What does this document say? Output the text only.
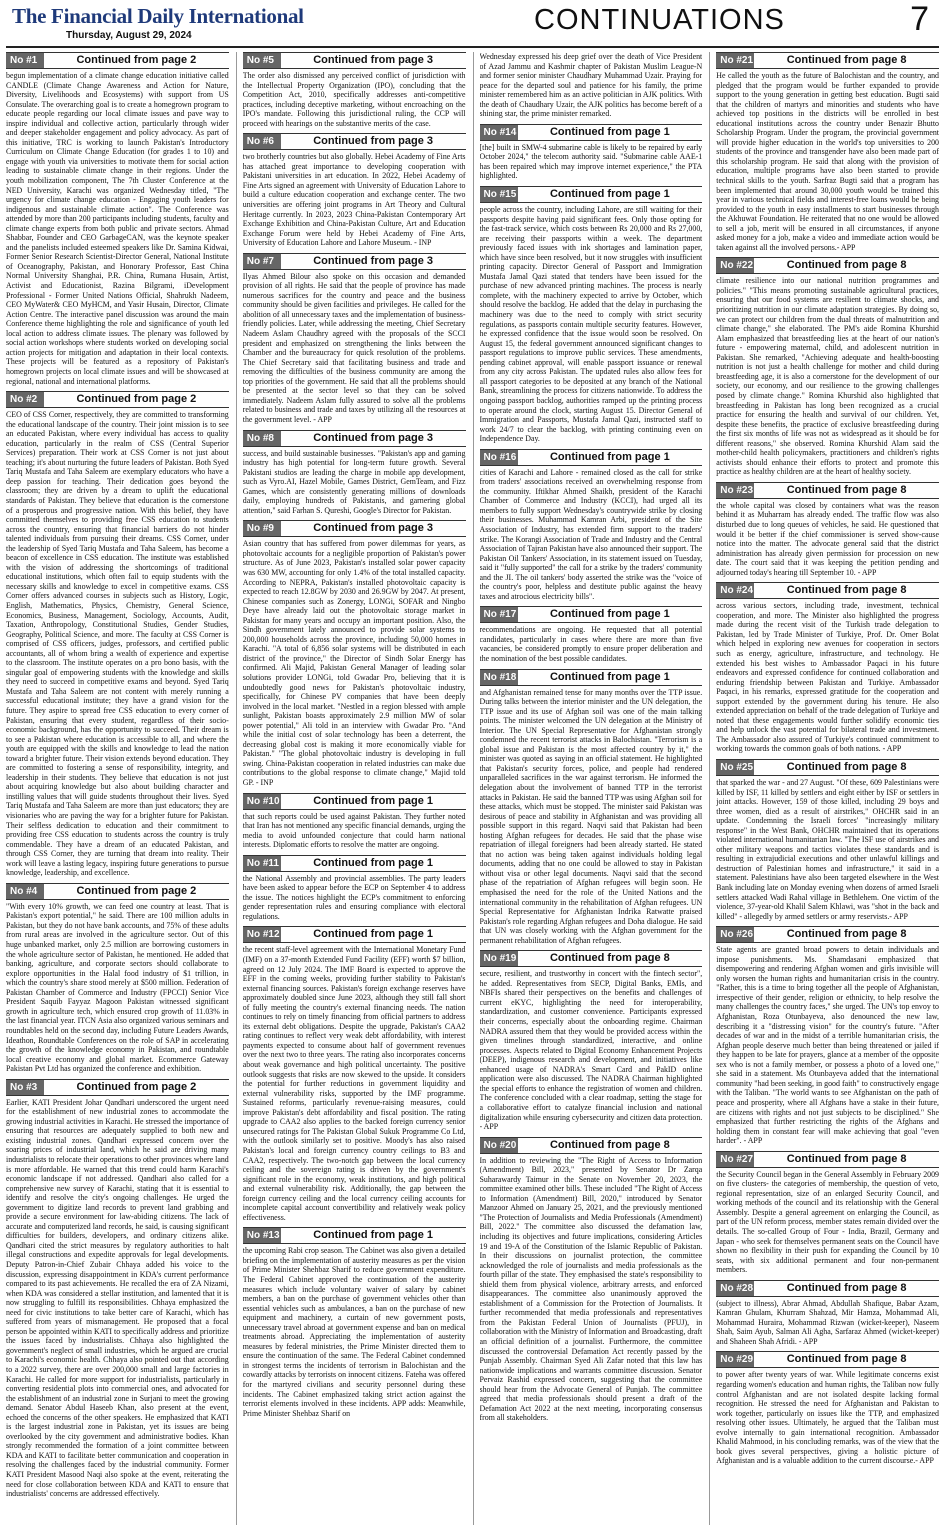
The Financial Daily International
Thursday, August 29, 2024	CONTINUATIONS	7
No #1	Continued from page 2

begun implementation of a climate change education initiative called CANDLE (Climate Change Awareness and Action for Nature, Diversity, Livelihoods and Ecosystems) with support from US Consulate. The overarching goal is to create a homegrown program to educate people regarding our local climate issues and pave way to inspire individual and collective action, particularly through wider and deeper stakeholder engagement and policy advocacy. As part of this initiative, TRC is working to launch Pakistan's Introductory Curriculum on Climate Change Education (for grades 1 to 10) and engage with youth via universities to motivate them for social action leading to sustainable climate change in their regions. Under the youth mobilization component, The 7th Cluster Conference at the NED University, Karachi was organized Wednesday titled, "The urgency for climate change education - Engaging youth leaders for indigenous and sustainable climate action". The Conference was attended by more than 200 participants including students, faculty and climate change experts from both public and private sectors. Ahmad Shabbar, Founder and CEO GarbageCAN, was the keynote speaker and the panelists included esteemed speakers like Dr. Samina Kidwai, Former Senior Research Scientist-Director General, National Institute of Oceanography, Pakistan, and Honorary Professor, East China Normal University Shanghai, P.R. China, Rumana Husain, Artist, Activist and Educationist, Razina Bilgrami, iDevelopment Professional - Former United Nations Official, Shahrukh Nadeem, CEO MyWater& CEO MyHCM, and Yasir Husain, Director, Climate Action Centre. The interactive panel discussion was around the main Conference theme highlighting the role and significance of youth led local action to address climate issues. The plenary was followed by social action workshops where students worked on developing social action projects for mitigation and adaptation in their local contexts. These projects will be featured as a repository of Pakistan's homegrown projects on local climate issues and will be showcased at regional, national and international platforms.

No #2	Continued from page 2

CEO of CSS Corner, respectively, they are committed to transforming the educational landscape of the country. Their joint mission is to see an educated Pakistan, where every individual has access to quality education, particularly in the realm of CSS (Central Superior Services) preparation. Their work at CSS Corner is not just about teaching; it's about nurturing the future leaders of Pakistan. Both Syed Tariq Mustafa and Taha Saleem are exemplary educators who have a deep passion for teaching. Their dedication goes beyond the classroom; they are driven by a dream to uplift the educational standards of Pakistan. They believe that education is the cornerstone of a prosperous and progressive nation. With this belief, they have committed themselves to providing free CSS education to students across the country, ensuring that financial barriers do not hinder talented individuals from pursuing their dreams. CSS Corner, under the leadership of Syed Tariq Mustafa and Taha Saleem, has become a beacon of excellence in CSS education. The institute was established with the vision of addressing the shortcomings of traditional educational institutions, which often fail to equip students with the necessary skills and knowledge to excel in competitive exams. CSS Corner offers advanced courses in subjects such as History, Logic, English, Mathematics, Physics, Chemistry, General Science, Economics, Business, Management, Sociology, Accounts, Audit, Taxation, Anthropology, Constitutional Studies, Gender Studies, Geography, Political Science, and more. The faculty at CSS Corner is comprised of CSS officers, judges, professors, and certified public accountants, all of whom bring a wealth of experience and expertise to the classroom. The institute operates on a pro bono basis, with the singular goal of empowering students with the knowledge and skills they need to succeed in competitive exams and beyond. Syed Tariq Mustafa and Taha Saleem are not content with merely running a successful educational institute; they have a grand vision for the future. They aspire to spread free CSS education to every corner of Pakistan, ensuring that every student, regardless of their socio-economic background, has the opportunity to succeed. Their dream is to see a Pakistan where education is accessible to all, and where the youth are equipped with the skills and knowledge to lead the nation toward a brighter future. Their vision extends beyond education. They are committed to fostering a sense of responsibility, integrity, and leadership in their students. They believe that education is not just about acquiring knowledge but also about building character and instilling values that will guide students throughout their lives. Syed Tariq Mustafa and Taha Saleem are more than just educators; they are visionaries who are paving the way for a brighter future for Pakistan. Their selfless dedication to education and their commitment to providing free CSS education to students across the country is truly commendable. They have a dream of an educated Pakistan, and through CSS Corner, they are turning that dream into reality. Their work will leave a lasting legacy, inspiring future generations to pursue knowledge, leadership, and excellence.

No #4	Continued from page 2

"With every 10% growth, we can feed one country at least. That is Pakistan's export potential," he said. There are 100 million adults in Pakistan, but they do not have bank accounts, and 75% of these adults from rural areas are involved in the agriculture sector. Out of this huge unbanked market, only 2.5 million are borrowing customers in the whole agriculture sector of Pakistan, he mentioned. He added that banking, agriculture, and corporate sectors should collaborate to explore opportunities in the Halal food industry of $1 trillion, in which the country's share stood merely at $500 million. Federation of Pakistan Chamber of Commerce and Industry (FPCCI) Senior Vice President Saquib Fayyaz Magoon Pakistan witnessed significant growth in agriculture tech, which ensured crop growth of 11.03% in the last financial year. ITCN Asia also organized various seminars and roundtables held on the second day, including Future Leaders Awards, Ideathon, Roundtable Conferences on the role of SAP in accelerating the growth of the knowledge economy in Pakistan, and roundtable local creative economy and global market. Ecommerce Gateway Pakistan Pvt Ltd has organized the conference and exhibition.

No #3	Continued from page 2

Earlier, KATI President Johar Qandhari underscored the urgent need for the establishment of new industrial zones to accommodate the growing industrial activities in Karachi. He stressed the importance of ensuring that resources are adequately supplied to both new and existing industrial zones. Qandhari expressed concern over the soaring prices of industrial land, which he said are driving many industrialists to relocate their operations to other provinces where land is more affordable. He warned that this trend could harm Karachi's economic landscape if not addressed. Qandhari also called for a comprehensive new survey of Karachi, stating that it is essential to identify and resolve the city's ongoing challenges. He urged the government to digitize land records to prevent land grabbing and provide a secure environment for law-abiding citizens. The lack of accurate and computerized land records, he said, is causing significant difficulties for builders, developers, and ordinary citizens alike. Qandhari cited the strict measures by regulatory authorities to halt illegal constructions and expedite approvals for legal developments. Deputy Patron-in-Chief Zubair Chhaya added his voice to the discussion, expressing disappointment in KDA's current performance compared to its past achievements. He recalled the era of ZA Nizami, when KDA was considered a stellar institution, and lamented that it is now struggling to fulfill its responsibilities. Chhaya emphasized the need for civic institutions to take better care of Karachi, which has suffered from years of mismanagement. He proposed that a focal person be appointed within KATI to specifically address and prioritize the issues faced by industrialists. Chhaya also highlighted the government's neglect of small industries, which he argued are crucial to Karachi's economic health. Chhaya also pointed out that according to a 2022 survey, there are over 200,000 small and large factories in Karachi. He called for more support for industrialists, particularly in converting residential plots into commercial ones, and advocated for the establishment of an industrial zone in Surjani to meet the growing demand. Senator Abdul Haseeb Khan, also present at the event, echoed the concerns of the other speakers. He emphasized that KATI is the largest industrial zone in Pakistan, yet its issues are being overlooked by the city government and administrative bodies. Khan strongly recommended the formation of a joint committee between KDA and KATI to facilitate better communication and cooperation in resolving the challenges faced by the industrial community. Former KATI President Masood Naqi also spoke at the event, reiterating the need for close collaboration between KDA and KATI to ensure that industrialists' concerns are addressed effectively.

No #5	Continued from page 3

The order also dismissed any perceived conflict of jurisdiction with the Intellectual Property Organization (IPO), concluding that the Competition Act, 2010, specifically addresses anti-competitive practices, including deceptive marketing, without encroaching on the IPO's mandate. Following this jurisdictional ruling, the CCP will proceed with hearings on the substantive merits of the case.

No #6	Continued from page 3

two brotherly countries but also globally. Hebei Academy of Fine Arts has attached great importance to developing cooperation with Pakistani universities in art education. In 2022, Hebei Academy of Fine Arts signed an agreement with University of Education Lahore to build a culture education cooperation and exchange center. The two universities are offering joint programs in Art Theory and Cultural Heritage currently. In 2023, 2023 China-Pakistan Contemporary Art Exchange Exhibition and China-Pakistan Culture, Art and Education Exchange Forum were held by Hebei Academy of Fine Arts, University of Education Lahore and Lahore Museum. - INP

No #7	Continued from page 3

Ilyas Ahmed Bilour also spoke on this occasion and demanded provision of all rights. He said that the people of province has made numerous sacrifices for the country and peace and the business community should be given facilities and privileges. He called for the abolition of all unnecessary taxes and the implementation of business-friendly policies. Later, while addressing the meeting, Chief Secretary Nadeem Aslam Chaudhry agreed with the proposals of the SCCI president and emphasized on strengthening the links between the Chamber and the bureaucracy for quick resolution of the problems. The Chief Secretary said that facilitating business and trade and removing the difficulties of the business community are among the top priorities of the government. He said that all the problems should be presented at the sector level so that they can be solved immediately. Nadeem Aslam fully assured to solve all the problems related to business and trade and taxes by utilizing all the resources at the government level. - APP

No #8	Continued from page 3

success, and build sustainable businesses. "Pakistan's app and gaming industry has high potential for long-term future growth. Several Pakistani studios are leading the charge in mobile app development, such as Vyro.AI, Hazel Mobile, Games District, GemTeam, and Fizz Games, which are consistently generating millions of downloads daily, employing hundreds of Pakistanis, and garnering global attention," said Farhan S. Qureshi, Google's Director for Pakistan.

No #9	Continued from page 3

Asian country that has suffered from power dilemmas for years, as photovoltaic accounts for a negligible proportion of Pakistan's power structure. As of June 2023, Pakistan's installed solar power capacity was 630 MW, accounting for only 1.4% of the total installed capacity. According to NEPRA, Pakistan's installed photovoltaic capacity is expected to reach 12.8GW by 2030 and 26.9GW by 2047. At present, Chinese companies such as Zonergy, LONGi, SOFAR and Ningbo Deye have already laid out the photovoltaic storage market in Pakistan for many years and occupy an important position. Also, the Sindh government lately announced to provide solar systems to 200,000 households across the province, including 50,000 homes in Karachi. "A total of 6,856 solar systems will be distributed in each district of the province," the Director of Sindh Solar Energy has confirmed. Ali Majid, Pakistan General Manager of leading solar solutions provider LONGi, told Gwadar Pro, believing that it is undoubtedly good news for Pakistan's photovoltaic industry, specifically, for Chinese PV companies that have been deeply involved in the local market. "Nestled in a region blessed with ample sunlight, Pakistan boasts approximately 2.9 million MW of solar power potential," Ali told in an interview with Gwadar Pro. "And while the initial cost of solar technology has been a deterrent, the decreasing global cost is making it more economically viable for Pakistan." "The global photovoltaic industry is developing in full swing. China-Pakistan cooperation in related industries can make due contributions to the global response to climate change," Majid told GP. - INP

No #10	Continued from page 1

that such reports could be used against Pakistan. They further noted that Iran has not mentioned any specific financial demands, urging the media to avoid unfounded conjecture that could harm national interests. Diplomatic efforts to resolve the matter are ongoing.

No #11	Continued from page 1

the National Assembly and provincial assemblies. The party leaders have been asked to appear before the ECP on September 4 to address the issue. The notices highlight the ECP's commitment to enforcing gender representation rules and ensuring compliance with electoral regulations.

No #12	Continued from page 1

the recent staff-level agreement with the International Monetary Fund (IMF) on a 37-month Extended Fund Facility (EFF) worth $7 billion, agreed on 12 July 2024. The IMF Board is expected to approve the EFF in the coming weeks, providing further stability to Pakistan's external financing sources. Pakistan's foreign exchange reserves have approximately doubled since June 2023, although they still fall short of fully meeting the country's external financing needs. The nation continues to rely on timely financing from official partners to address its external debt obligations. Despite the upgrade, Pakistan's CAA2 rating continues to reflect very weak debt affordability, with interest payments expected to consume about half of government revenues over the next two to three years. The rating also incorporates concerns about weak governance and high political uncertainty. The positive outlook suggests that risks are now skewed to the upside. It considers the potential for further reductions in government liquidity and external vulnerability risks, supported by the IMF programme. Sustained reforms, particularly revenue-raising measures, could improve Pakistan's debt affordability and fiscal position. The rating upgrade to CAA2 also applies to the backed foreign currency senior unsecured ratings for The Pakistan Global Sukuk Programme Co Ltd, with the outlook similarly set to positive. Moody's has also raised Pakistan's local and foreign currency country ceilings to B3 and CAA2, respectively. The two-notch gap between the local currency ceiling and the sovereign rating is driven by the government's significant role in the economy, weak institutions, and high political and external vulnerability risk. Additionally, the gap between the foreign currency ceiling and the local currency ceiling accounts for incomplete capital account convertibility and relatively weak policy effectiveness.

No #13	Continued from page 1

the upcoming Rabi crop season. The Cabinet was also given a detailed briefing on the implementation of austerity measures as per the vision of Prime Minister Shehbaz Sharif to reduce government expenditure. The Federal Cabinet approved the continuation of the austerity measures which include voluntary waiver of salary by cabinet members, a ban on the purchase of government vehicles other than essential vehicles such as ambulances, a ban on the purchase of new equipment and machinery, a curtain of new government posts, unnecessary travel abroad at government expense and ban on medical treatments abroad. Appreciating the implementation of austerity measures by federal ministries, the Prime Minister directed them to ensure the continuation of the same. The Federal Cabinet condemned in strongest terms the incidents of terrorism in Balochistan and the cowardly attacks by terrorists on innocent citizens. Fateha was offered for the martyred civilians and security personnel during these incidents. The Cabinet emphasized taking strict action against the terrorist elements involved in these incidents. APP adds: Meanwhile, Prime Minister Shehbaz Sharif on

Wednesday expressed his deep grief over the death of Vice President of Azad Jammu and Kashmir chapter of Pakistan Muslim League-N and former senior minister Chaudhary Muhammad Uzair. Praying for peace for the departed soul and patience for his family, the prime minister remembered him as an active politician in AJK politics. With the death of Chaudhary Uzair, the AJK politics has become bereft of a shining star, the prime minister remarked.

No #14	Continued from page 1

[the] built in SMW-4 submarine cable is likely to be repaired by early October 2024," the telecom authority said. "Submarine cable AAE-1 has been repaired which may improve internet experience," the PTA highlighted.

No #15	Continued from page 1

people across the country, including Lahore, are still waiting for their passports despite having paid significant fees. Only those opting for the fast-track service, which costs between Rs 20,000 and Rs 27,000, are receiving their passports within a week. The department previously faced issues with ink shortages and lamination paper, which have since been resolved, but it now struggles with insufficient printing capacity. Director General of Passport and Immigration Mustafa Jamal Qazi stated that tenders have been issued for the purchase of new advanced printing machines. The process is nearly complete, with the machinery expected to arrive by October, which should resolve the backlog. He added that the delay in purchasing the machinery was due to the need to comply with strict security regulations, as passports contain multiple security features. However, he expressed confidence that the issue would soon be resolved. On August 15, the federal government announced significant changes to passport regulations to improve public services. These amendments, pending cabinet approval, will enable passport issuance or renewal from any city across Pakistan. The updated rules also allow fees for all passport categories to be deposited at any branch of the National Bank, streamlining the process for citizens nationwide. To address the ongoing passport backlog, authorities ramped up the printing process to operate around the clock, starting August 15. Director General of Immigration and Passports, Mustafa Jamal Qazi, instructed staff to work 24/7 to clear the backlog, with printing continuing even on Independence Day.

No #16	Continued from page 1

cities of Karachi and Lahore - remained closed as the call for strike from traders' associations received an overwhelming response from the community. Iftikhar Ahmed Shaikh, president of the Karachi Chamber of Commerce and Industry (KCCI), had urged all its members to fully support Wednesday's countrywide strike by closing their businesses. Muhammad Kamran Arbi, president of the Site Association of Industry, has extended firm support to the traders' strike. The Korangi Association of Trade and Industry and the Central Association of Tajran Pakistan have also announced their support. The Pakistan Oil Tankers' Association, in its statement issued on Tuesday, said it "fully supported" the call for a strike by the traders' community and the JI. The oil tankers' body asserted the strike was the "voice of the country's poor, helpless and destitute public against the heavy taxes and atrocious electricity bills".

No #17	Continued from page 1

recommendations are ongoing. He requested that all potential candidates, particularly in cases where there are more than five vacancies, be considered promptly to ensure proper deliberation and the nomination of the best possible candidates.

No #18	Continued from page 1

and Afghanistan remained tense for many months over the TTP issue. During talks between the interior minister and the UN delegation, the TTP issue and its use of Afghan soil was one of the main talking points. The minister welcomed the UN delegation at the Ministry of Interior. The UN Special Representative for Afghanistan strongly condemned the recent terrorist attacks in Balochistan. "Terrorism is a global issue and Pakistan is the most affected country by it," the minister was quoted as saying in an official statement. He highlighted that Pakistan's security forces, police, and people had rendered unparalleled sacrifices in the war against terrorism. He informed the delegation about the involvement of banned TTP in the terrorist attacks in Pakistan. He said the banned TTP was using Afghan soil for these attacks, which must be stopped. The minister said Pakistan was desirous of peace and stability in Afghanistan and was providing all possible support in this regard. Naqvi said that Pakistan had been hosting Afghan refugees for decades. He said that the phase wise repatriation of illegal foreigners had been already started. He stated that no action was being taken against individuals holding legal documents, adding that no one could be allowed to stay in Pakistan without visa or other legal documents. Naqvi said that the second phase of the repatriation of Afghan refugees will begin soon. He emphasised the need for the role of the United Nations and the international community in the rehabilitation of Afghan refugees. UN Special Representative for Afghanistan Indrika Ratwatte praised Pakistan's role regarding Afghan refugees and Doha dialogue. He said that UN was closely working with the Afghan government for the permanent rehabilitation of Afghan refugees.

No #19	Continued from page 8

secure, resilient, and trustworthy in concert with the fintech sector", he added. Representatives from SECP, Digital Banks, EMIs, and NBFIs shared their perspectives on the benefits and challenges of current eKYC, highlighting the need for interoperability, standardization, and customer convenience. Participants expressed their concerns, especially about the onboarding regime. Chairman NADRA assured them that they would be provided access within the given timelines through standardized, interactive, and online processes. Aspects related to Digital Economy Enhancement Projects (DEEP), indigenous research and development, and initiatives like enhanced usage of NADRA's Smart Card and PakID online application were also discussed. The NADRA Chairman highlighted the special efforts to enhance the registration of women and children. The conference concluded with a clear roadmap, setting the stage for a collaborative effort to catalyze financial inclusion and national digitalization while ensuring cybersecurity and citizen data protection. - APP

No #20	Continued from page 8

In addition to reviewing the "The Right of Access to Information (Amendment) Bill, 2023," presented by Senator Dr Zarqa Suharawardy Taimur in the Senate on November 20, 2023, the committee examined other bills. These included "The Right of Access to Information (Amendment) Bill, 2020," introduced by Senator Manzoor Ahmed on January 25, 2021, and the previously mentioned "The Protection of Journalists and Media Professionals (Amendment) Bill, 2022." The committee also discussed the defamation law, including its objectives and future implications, considering Articles 19 and 19-A of the Constitution of the Islamic Republic of Pakistan. In their discussions on journalist protection, the committee acknowledged the role of journalists and media professionals as the fourth pillar of the state. They emphasised the state's responsibility to shield them from physical violence, arbitrary arrests, and enforced disappearances. The committee also unanimously approved the establishment of a Commission for the Protection of Journalists. It further recommended that media professionals and representatives from the Pakistan Federal Union of Journalists (PFUJ), in collaboration with the Ministry of Information and Broadcasting, draft an official definition of a journalist. Furthermore, the committee discussed the controversial Defamation Act recently passed by the Punjab Assembly. Chairman Syed Ali Zafar noted that this law has nationwide implications and warrants committee discussion. Senator Pervaiz Rashid expressed concern, suggesting that the committee should hear from the Advocate General of Punjab. The committee agreed that media professionals should present a draft of the Defamation Act 2022 at the next meeting, incorporating consensus from all stakeholders.

No #21	Continued from page 8

He called the youth as the future of Balochistan and the country, and pledged that the program would be further expanded to provide support to the young generation in getting best education. Bugti said that the children of martyrs and minorities and students who have achieved top positions in the districts will be enrolled in best educational institutions across the country under Benazir Bhutto Scholarship Program. Under the program, the provincial government will provide higher education in the world's top universities to 200 students of the province and transgender have also been made part of this scholarship program. He said that along with the provision of education, multiple programs have also been started to provide technical skills to the youth. Sarfraz Bugti said that a program has been implemented that around 30,000 youth would be trained this year in various technical fields and interest-free loans would be being provided to the youth in easy installments to start businesses through the Akhuwat Foundation. He reiterated that no one would be allowed to sell a job, merit will be ensured in all circumstances, if anyone asked money for a job, make a video and immediate action would be taken against all the involved persons.- APP

No #22	Continued from page 8

climate resilience into our national nutrition programmes and policies." "This means promoting sustainable agricultural practices, ensuring that our food systems are resilient to climate shocks, and prioritizing nutrition in our climate adaptation strategies. By doing so, we can protect our children from the dual threats of malnutrition and climate change," she elaborated. The PM's aide Romina Khurshid Alam emphasized that breastfeeding lies at the heart of our nation's future - empowering maternal, child, and adolescent nutrition in Pakistan. She remarked, "Achieving adequate and health-boosting nutrition is not just a health challenge for mother and child during breastfeeding age, it is also a cornerstone for the development of our society, our economy, and our resilience to the growing challenges posed by climate change." Romina Khurshid also highlighted that breastfeeding in Pakistan has long been recognized as a crucial practice for ensuring the health and survival of our children. Yet, despite these benefits, the practice of exclusive breastfeeding during the first six months of life was not as widespread as it should be for different reasons," she observed. Romina Khurshid Alam said the mother-child health policymakers, practitioners and children's rights activists should enhance their efforts to protect and promote this practice as healthy children are at the heart of healthy society.

No #23	Continued from page 8

the whole capital was closed by containers what was the reason behind it as Muharram has already ended. The traffic flow was also disturbed due to long queues of vehicles, he said. He questioned that would it be better if the chief commissioner is served show-cause notice into the matter. The advocate general said that the district administration has already given permission for procession on new date. The court said that it was keeping the petition pending and adjourned today's hearing till September 10. - APP

No #24	Continued from page 8

across various sectors, including trade, investment, technical cooperation, and more. The Minister also highlighted the progress made during the recent visit of the Turkish trade delegation to Pakistan, led by Trade Minister of Turkiye, Prof. Dr. Omer Bolat which helped in exploring new avenues for cooperation in sectors such as energy, agriculture, infrastructure, and technology. He extended his best wishes to Ambassador Paqaci in his future endeavors and expressed confidence for continued collaboration and enduring friendship between Pakistan and Turkiye. Ambassador Paqaci, in his remarks, expressed gratitude for the cooperation and support extended by the government during his tenure. He also extended appreciation on behalf of the trade delegation of Turkiye and noted that these engagements would further solidify economic ties and help unlock the vast potential for bilateral trade and investment. The Ambassador also assured of Turkiye's continued commitment to working towards the common goals of both nations. - APP

No #25	Continued from page 8

that sparked the war - and 27 August. "Of these, 609 Palestinians were killed by ISF, 11 killed by settlers and eight either by ISF or settlers in joint attacks. However, 159 of those killed, including 29 boys and three women, died as a result of airstrikes," OHCHR said in an update. Condemning the Israeli forces' "increasingly military response" in the West Bank, OHCHR maintained that its operations violated international humanitarian law. "The ISF use of airstrikes and other military weapons and tactics violates these standards and is resulting in extrajudicial executions and other unlawful killings and destruction of Palestinian homes and infrastructure," it said in a statement. Palestinians have also been targeted elsewhere in the West Bank including late on Monday evening when dozens of armed Israeli settlers attacked Wadi Rahal village in Bethlehem. One victim of the violence, 37-year-old Khalil Salem Khlawi, was "shot in the back and killed" - allegedly by armed settlers or army reservists.- APP

No #26	Continued from page 8

State agents are granted broad powers to detain individuals and impose punishments. Ms. Shamdasani emphasized that disempowering and rendering Afghan women and girls invisible will only worsen the human rights and humanitarian crisis in the country. "Rather, this is a time to bring together all the people of Afghanistan, irrespective of their gender, religion or ethnicity, to help resolve the many challenges the country faces," she urged. The UN's top envoy to Afghanistan, Roza Otunbayeva, also denounced the new law, describing it a "distressing vision" for the country's future. "After decades of war and in the midst of a terrible humanitarian crisis, the Afghan people deserve much better than being threatened or jailed if they happen to be late for prayers, glance at a member of the opposite sex who is not a family member, or possess a photo of a loved one," she said in a statement. Ms Otunbayeva added that the international community "had been seeking, in good faith" to constructively engage with the Taliban. "The world wants to see Afghanistan on the path of peace and prosperity, where all Afghans have a stake in their future, are citizens with rights and not just subjects to be disciplined." She emphasized that further restricting the rights of the Afghans and holding them in constant fear will make achieving that goal "even harder". - APP

No #27	Continued from page 8

the Security Council began in the General Assembly in February 2009 on five clusters- the categories of membership, the question of veto, regional representation, size of an enlarged Security Council, and working methods of the council and its relationship with the General Assembly. Despite a general agreement on enlarging the Council, as part of the UN reform process, member states remain divided over the details. The so-called Group of Four - India, Brazil, Germany and Japan - who seek for themselves permanent seats on the Council have shown no flexibility in their push for expanding the Council by 10 seats, with six additional permanent and four non-permanent members.

No #28	Continued from page 8

(subject to illness), Abrar Ahmad, Abdullah Shafique, Babar Azam, Kamran Ghulam, Khurram Shahzad, Mir Hamza, Mohammad Ali, Mohammad Huraira, Mohammad Rizwan (wicket-keeper), Naseem Shah, Saim Ayub, Salman Ali Agha, Sarfaraz Ahmed (wicket-keeper) and Shaheen Shah Afridi. - APP

No #29	Continued from page 8

to power after twenty years of war. While legitimate concerns exist regarding women's education and human rights, the Taliban now fully control Afghanistan and are not isolated despite lacking formal recognition. He stressed the need for Afghanistan and Pakistan to work together, particularly on issues like the TTP, and emphasized resolving other issues. Ultimately, he argued that the Taliban must evolve internally to gain international recognition. Ambassador Khalid Mahmood, in his concluding remarks, was of the view that the book gives several perspectives, giving a holistic picture of Afghanistan and is a valuable addition to the current discourse.- APP
